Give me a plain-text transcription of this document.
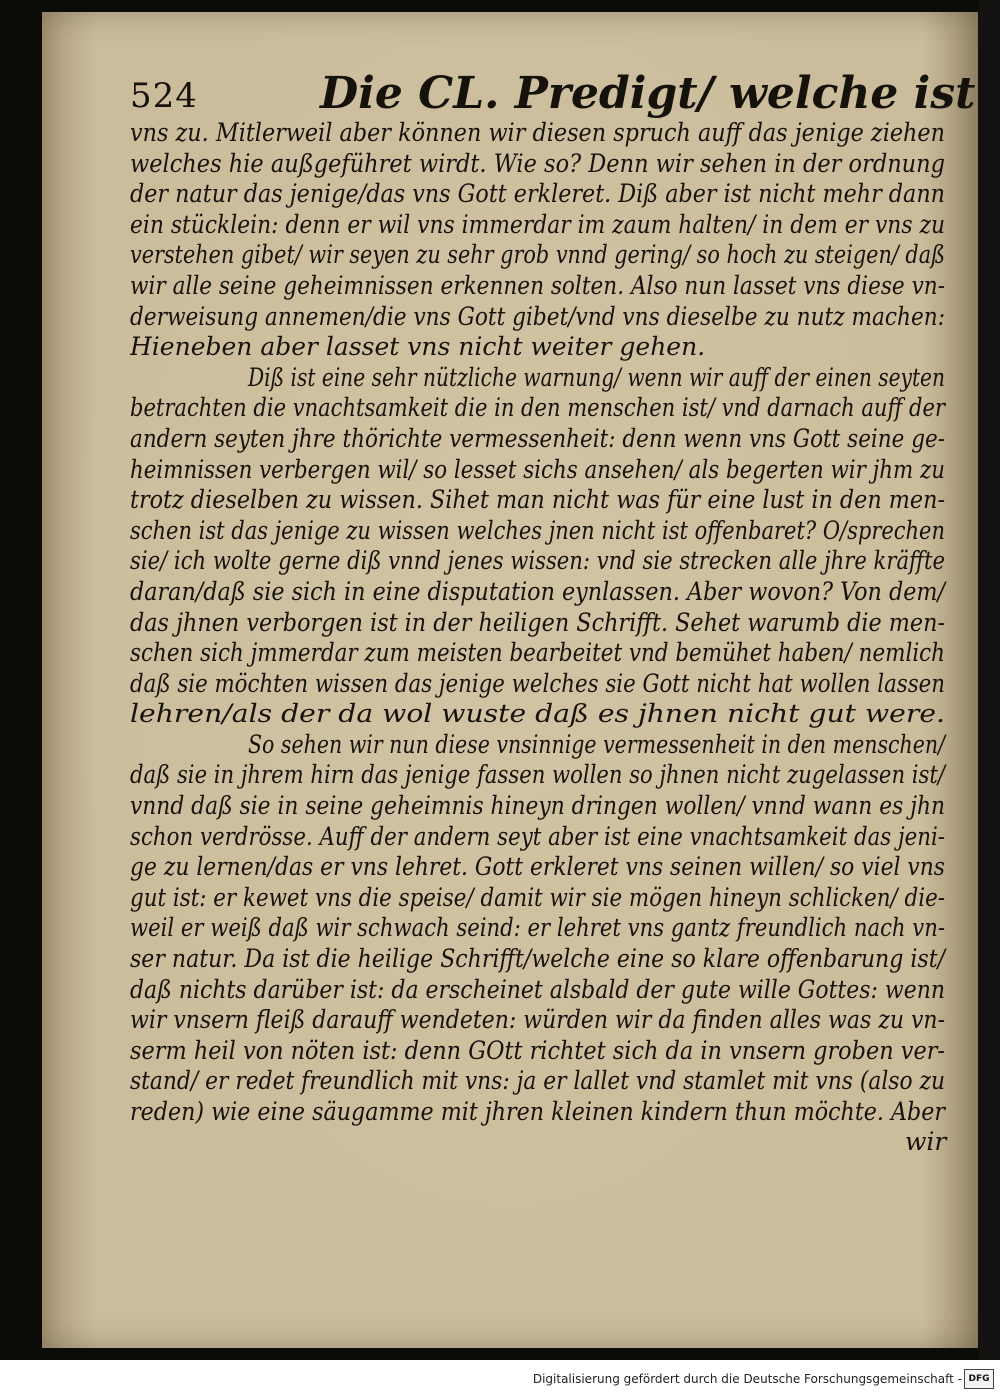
524	Die CL. Predigt/ welche ist
vns zu. Mitlerweil aber können wir diesen spruch auff das jenige ziehen
welches hie außgeführet wirdt. Wie so? Denn wir sehen in der ordnung
der natur das jenige/das vns Gott erkleret. Diß aber ist nicht mehr dann
ein stücklein: denn er wil vns immerdar im zaum halten/ in dem er vns zu
verstehen gibet/ wir seyen zu sehr grob vnnd gering/ so hoch zu steigen/ daß
wir alle seine geheimnissen erkennen solten. Also nun lasset vns diese vn-
derweisung annemen/die vns Gott gibet/vnd vns dieselbe zu nutz machen:
Hieneben aber lasset vns nicht weiter gehen.
Diß ist eine sehr nützliche warnung/ wenn wir auff der einen seyten
betrachten die vnachtsamkeit die in den menschen ist/ vnd darnach auff der
andern seyten jhre thörichte vermessenheit: denn wenn vns Gott seine ge-
heimnissen verbergen wil/ so lesset sichs ansehen/ als begerten wir jhm zu
trotz dieselben zu wissen. Sihet man nicht was für eine lust in den men-
schen ist das jenige zu wissen welches jnen nicht ist offenbaret? O/sprechen
sie/ ich wolte gerne diß vnnd jenes wissen: vnd sie strecken alle jhre kräffte
daran/daß sie sich in eine disputation eynlassen. Aber wovon? Von dem/
das jhnen verborgen ist in der heiligen Schrifft. Sehet warumb die men-
schen sich jmmerdar zum meisten bearbeitet vnd bemühet haben/ nemlich
daß sie möchten wissen das jenige welches sie Gott nicht hat wollen lassen
lehren/als der da wol wuste daß es jhnen nicht gut were.
So sehen wir nun diese vnsinnige vermessenheit in den menschen/
daß sie in jhrem hirn das jenige fassen wollen so jhnen nicht zugelassen ist/
vnnd daß sie in seine geheimnis hineyn dringen wollen/ vnnd wann es jhn
schon verdrösse. Auff der andern seyt aber ist eine vnachtsamkeit das jeni-
ge zu lernen/das er vns lehret. Gott erkleret vns seinen willen/ so viel vns
gut ist: er kewet vns die speise/ damit wir sie mögen hineyn schlicken/ die-
weil er weiß daß wir schwach seind: er lehret vns gantz freundlich nach vn-
ser natur. Da ist die heilige Schrifft/welche eine so klare offenbarung ist/
daß nichts darüber ist: da erscheinet alsbald der gute wille Gottes: wenn
wir vnsern fleiß darauff wendeten: würden wir da finden alles was zu vn-
serm heil von nöten ist: denn GOtt richtet sich da in vnsern groben ver-
stand/ er redet freundlich mit vns: ja er lallet vnd stamlet mit vns (also zu
reden) wie eine säugamme mit jhren kleinen kindern thun möchte. Aber
wir
Digitalisierung gefördert durch die Deutsche Forschungsgemeinschaft - DFG
